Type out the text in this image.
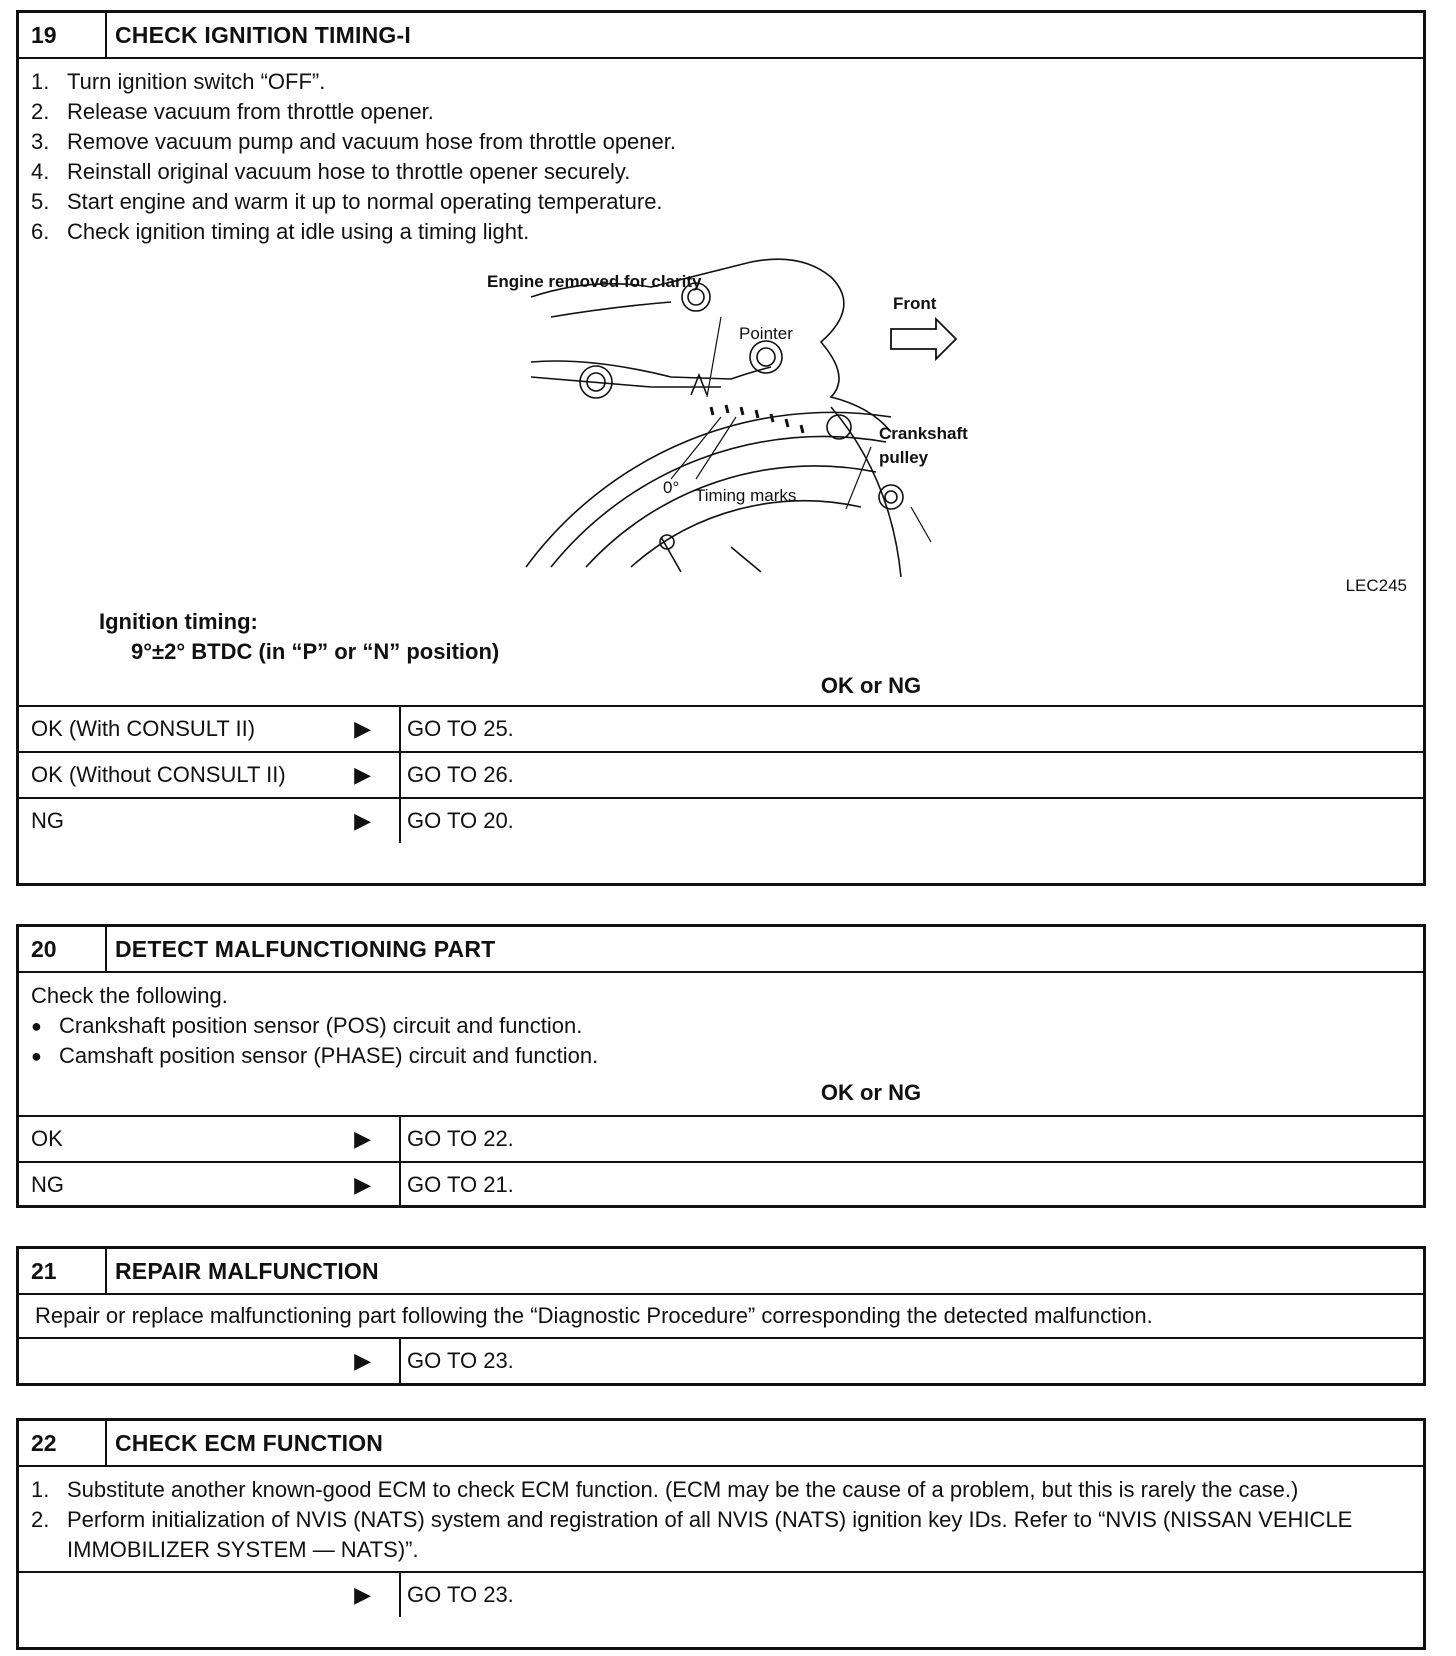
19	CHECK IGNITION TIMING-I
1. Turn ignition switch “OFF”.
2. Release vacuum from throttle opener.
3. Remove vacuum pump and vacuum hose from throttle opener.
4. Reinstall original vacuum hose to throttle opener securely.
5. Start engine and warm it up to normal operating temperature.
6. Check ignition timing at idle using a timing light.
Engine removed for clarity
Front
Pointer
Crankshaft
pulley
0° Timing marks
LEC245
Ignition timing:
9°±2° BTDC (in “P” or “N” position)
OK or NG
OK (With CONSULT II)	▶ GO TO 25.
OK (Without CONSULT II)	▶ GO TO 26.
NG	▶ GO TO 20.
20	DETECT MALFUNCTIONING PART
Check the following.
● Crankshaft position sensor (POS) circuit and function.
● Camshaft position sensor (PHASE) circuit and function.
OK or NG
OK	▶ GO TO 22.
NG	▶ GO TO 21.
21	REPAIR MALFUNCTION
Repair or replace malfunctioning part following the “Diagnostic Procedure” corresponding the detected malfunction.
▶ GO TO 23.
22	CHECK ECM FUNCTION
1. Substitute another known-good ECM to check ECM function. (ECM may be the cause of a problem, but this is rarely the case.)
2. Perform initialization of NVIS (NATS) system and registration of all NVIS (NATS) ignition key IDs. Refer to “NVIS (NISSAN VEHICLE IMMOBILIZER SYSTEM — NATS)”.
▶ GO TO 23.
